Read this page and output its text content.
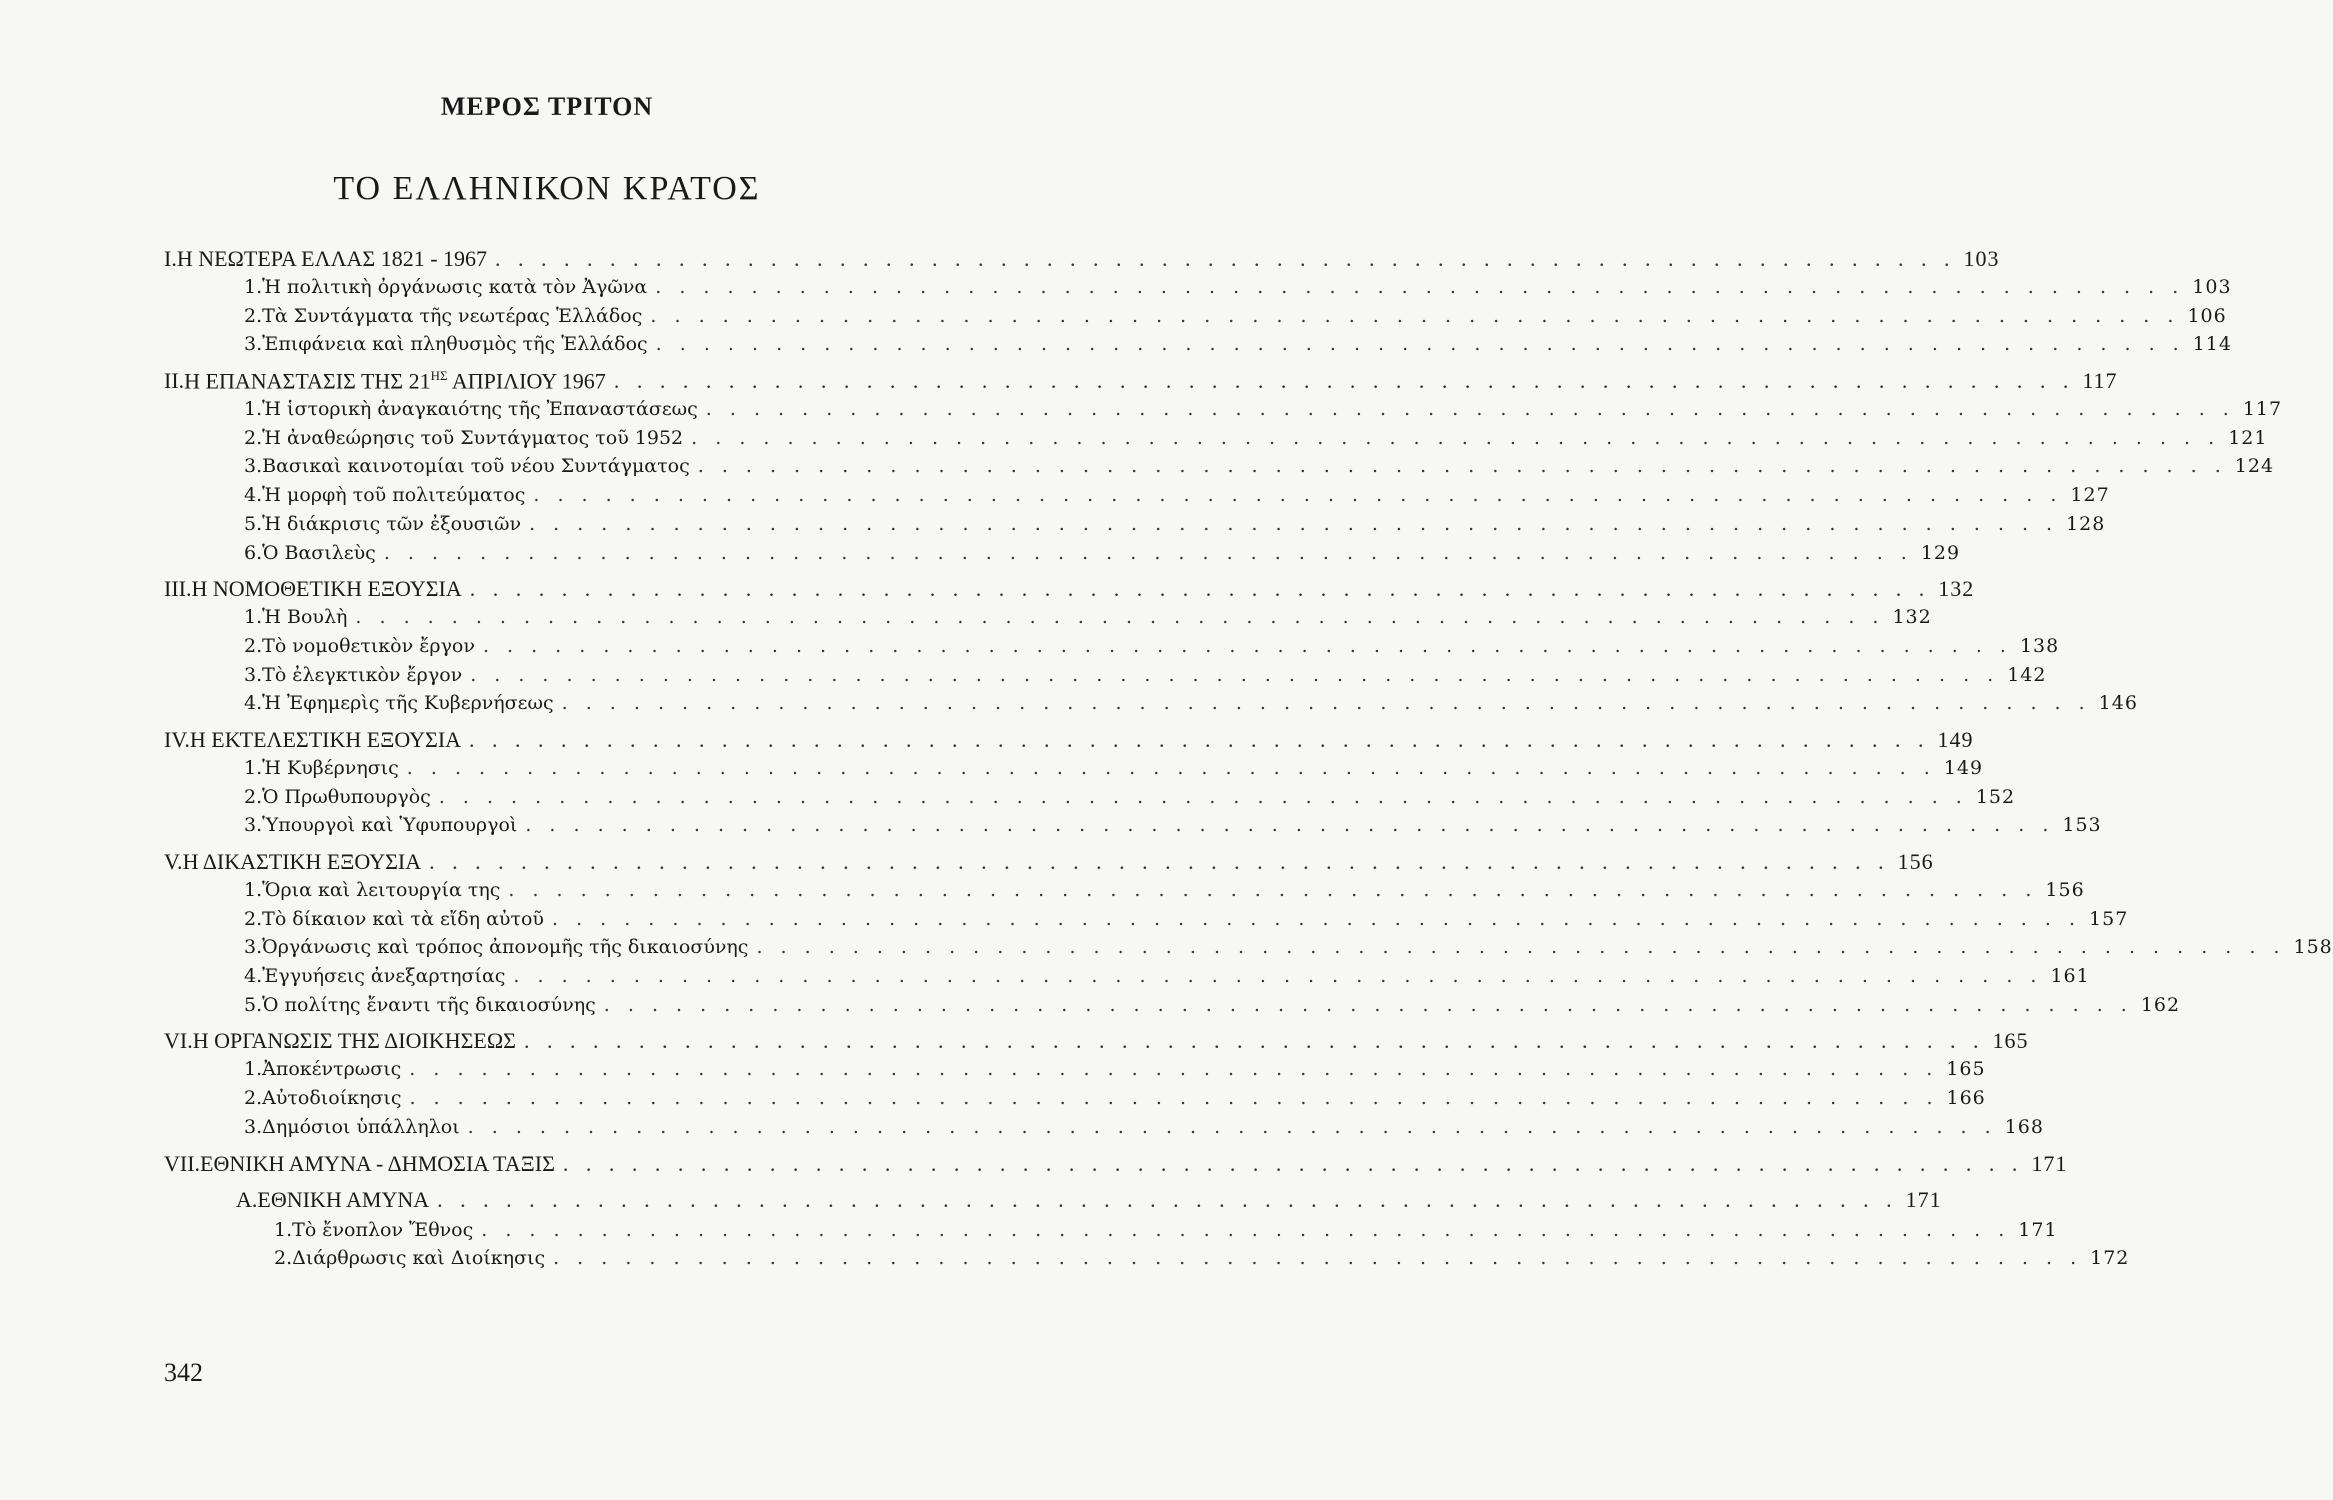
ΜΕΡΟΣ ΤΡΙΤΟΝ
ΤΟ ΕΛΛΗΝΙΚΟΝ ΚΡΑΤΟΣ
I. Η ΝΕΩΤΕΡΑ ΕΛΛΑΣ 1821 - 1967 . . . . . . . . . . . . . . . . . . . . . . . . . . . . . . . . . . . . . . . . . . . . . . . . . . . . . . . . . . . . . . . . 103
1. Ἡ πολιτικὴ ὀργάνωσις κατὰ τὸν Ἀγῶνα . . . . . . . . . . . . . . . . . . . . . . . . . . . . . . . . . . . . . . . . . . . . . . . . . . . . . . . . . . . . . . . . 103
2. Τὰ Συντάγματα τῆς νεωτέρας Ἑλλάδος . . . . . . . . . . . . . . . . . . . . . . . . . . . . . . . . . . . . . . . . . . . . . . . . . . . . . . . . . . . . . . . . 106
3. Ἐπιφάνεια καὶ πληθυσμὸς τῆς Ἑλλάδος . . . . . . . . . . . . . . . . . . . . . . . . . . . . . . . . . . . . . . . . . . . . . . . . . . . . . . . . . . . . . . . . 114
II. Η ΕΠΑΝΑΣΤΑΣΙΣ ΤΗΣ $21^{H\Sigma}$ ΑΠΡΙΛΙΟΥ 1967 . . . . . . . . . . . . . . . . . . . . . . . . . . . . . . . . . . . . . . . . . . . . . . . . . . . . . . . . . . . . . . . . 117
1. Ἡ ἱστορικὴ ἀναγκαιότης τῆς Ἐπαναστάσεως . . . . . . . . . . . . . . . . . . . . . . . . . . . . . . . . . . . . . . . . . . . . . . . . . . . . . . . . . . . . . . . . 117
2. Ἡ ἀναθεώρησις τοῦ Συντάγματος τοῦ 1952 . . . . . . . . . . . . . . . . . . . . . . . . . . . . . . . . . . . . . . . . . . . . . . . . . . . . . . . . . . . . . . . . 121
3. Βασικαὶ καινοτομίαι τοῦ νέου Συντάγματος . . . . . . . . . . . . . . . . . . . . . . . . . . . . . . . . . . . . . . . . . . . . . . . . . . . . . . . . . . . . . . . . 124
4. Ἡ μορφὴ τοῦ πολιτεύματος . . . . . . . . . . . . . . . . . . . . . . . . . . . . . . . . . . . . . . . . . . . . . . . . . . . . . . . . . . . . . . . . 127
5. Ἡ διάκρισις τῶν ἐξουσιῶν . . . . . . . . . . . . . . . . . . . . . . . . . . . . . . . . . . . . . . . . . . . . . . . . . . . . . . . . . . . . . . . . 128
6. Ὁ Βασιλεὺς . . . . . . . . . . . . . . . . . . . . . . . . . . . . . . . . . . . . . . . . . . . . . . . . . . . . . . . . . . . . . . . . 129
III. Η ΝΟΜΟΘΕΤΙΚΗ ΕΞΟΥΣΙΑ . . . . . . . . . . . . . . . . . . . . . . . . . . . . . . . . . . . . . . . . . . . . . . . . . . . . . . . . . . . . . . . . 132
1. Ἡ Βουλὴ . . . . . . . . . . . . . . . . . . . . . . . . . . . . . . . . . . . . . . . . . . . . . . . . . . . . . . . . . . . . . . . . 132
2. Τὸ νομοθετικὸν ἔργον . . . . . . . . . . . . . . . . . . . . . . . . . . . . . . . . . . . . . . . . . . . . . . . . . . . . . . . . . . . . . . . . 138
3. Τὸ ἐλεγκτικὸν ἔργον . . . . . . . . . . . . . . . . . . . . . . . . . . . . . . . . . . . . . . . . . . . . . . . . . . . . . . . . . . . . . . . . 142
4. Ἡ Ἐφημερὶς τῆς Κυβερνήσεως . . . . . . . . . . . . . . . . . . . . . . . . . . . . . . . . . . . . . . . . . . . . . . . . . . . . . . . . . . . . . . . . 146
IV. Η ΕΚΤΕΛΕΣΤΙΚΗ ΕΞΟΥΣΙΑ . . . . . . . . . . . . . . . . . . . . . . . . . . . . . . . . . . . . . . . . . . . . . . . . . . . . . . . . . . . . . . . . 149
1. Ἡ Κυβέρνησις . . . . . . . . . . . . . . . . . . . . . . . . . . . . . . . . . . . . . . . . . . . . . . . . . . . . . . . . . . . . . . . . 149
2. Ὁ Πρωθυπουργὸς . . . . . . . . . . . . . . . . . . . . . . . . . . . . . . . . . . . . . . . . . . . . . . . . . . . . . . . . . . . . . . . . 152
3. Ὑπουργοὶ καὶ Ὑφυπουργοὶ . . . . . . . . . . . . . . . . . . . . . . . . . . . . . . . . . . . . . . . . . . . . . . . . . . . . . . . . . . . . . . . . 153
V. Η ΔΙΚΑΣΤΙΚΗ ΕΞΟΥΣΙΑ . . . . . . . . . . . . . . . . . . . . . . . . . . . . . . . . . . . . . . . . . . . . . . . . . . . . . . . . . . . . . . . . 156
1. Ὅρια καὶ λειτουργία της . . . . . . . . . . . . . . . . . . . . . . . . . . . . . . . . . . . . . . . . . . . . . . . . . . . . . . . . . . . . . . . . 156
2. Τὸ δίκαιον καὶ τὰ εἴδη αὐτοῦ . . . . . . . . . . . . . . . . . . . . . . . . . . . . . . . . . . . . . . . . . . . . . . . . . . . . . . . . . . . . . . . . 157
3. Ὀργάνωσις καὶ τρόπος ἀπονομῆς τῆς δικαιοσύνης . . . . . . . . . . . . . . . . . . . . . . . . . . . . . . . . . . . . . . . . . . . . . . . . . . . . . . . . . . . . . . . . 158
4. Ἐγγυήσεις ἀνεξαρτησίας . . . . . . . . . . . . . . . . . . . . . . . . . . . . . . . . . . . . . . . . . . . . . . . . . . . . . . . . . . . . . . . . 161
5. Ὁ πολίτης ἔναντι τῆς δικαιοσύνης . . . . . . . . . . . . . . . . . . . . . . . . . . . . . . . . . . . . . . . . . . . . . . . . . . . . . . . . . . . . . . . . 162
VI. Η ΟΡΓΑΝΩΣΙΣ ΤΗΣ ΔΙΟΙΚΗΣΕΩΣ . . . . . . . . . . . . . . . . . . . . . . . . . . . . . . . . . . . . . . . . . . . . . . . . . . . . . . . . . . . . . . . . 165
1. Ἀποκέντρωσις . . . . . . . . . . . . . . . . . . . . . . . . . . . . . . . . . . . . . . . . . . . . . . . . . . . . . . . . . . . . . . . . 165
2. Αὐτοδιοίκησις . . . . . . . . . . . . . . . . . . . . . . . . . . . . . . . . . . . . . . . . . . . . . . . . . . . . . . . . . . . . . . . . 166
3. Δημόσιοι ὑπάλληλοι . . . . . . . . . . . . . . . . . . . . . . . . . . . . . . . . . . . . . . . . . . . . . . . . . . . . . . . . . . . . . . . . 168
VII. ΕΘΝΙΚΗ ΑΜΥΝΑ - ΔΗΜΟΣΙΑ ΤΑΞΙΣ . . . . . . . . . . . . . . . . . . . . . . . . . . . . . . . . . . . . . . . . . . . . . . . . . . . . . . . . . . . . . . . . 171
A. ΕΘΝΙΚΗ ΑΜΥΝΑ . . . . . . . . . . . . . . . . . . . . . . . . . . . . . . . . . . . . . . . . . . . . . . . . . . . . . . . . . . . . . . . . 171
1. Τὸ ἔνοπλον Ἔθνος . . . . . . . . . . . . . . . . . . . . . . . . . . . . . . . . . . . . . . . . . . . . . . . . . . . . . . . . . . . . . . . . 171
2. Διάρθρωσις καὶ Διοίκησις . . . . . . . . . . . . . . . . . . . . . . . . . . . . . . . . . . . . . . . . . . . . . . . . . . . . . . . . . . . . . . . . 172
342
